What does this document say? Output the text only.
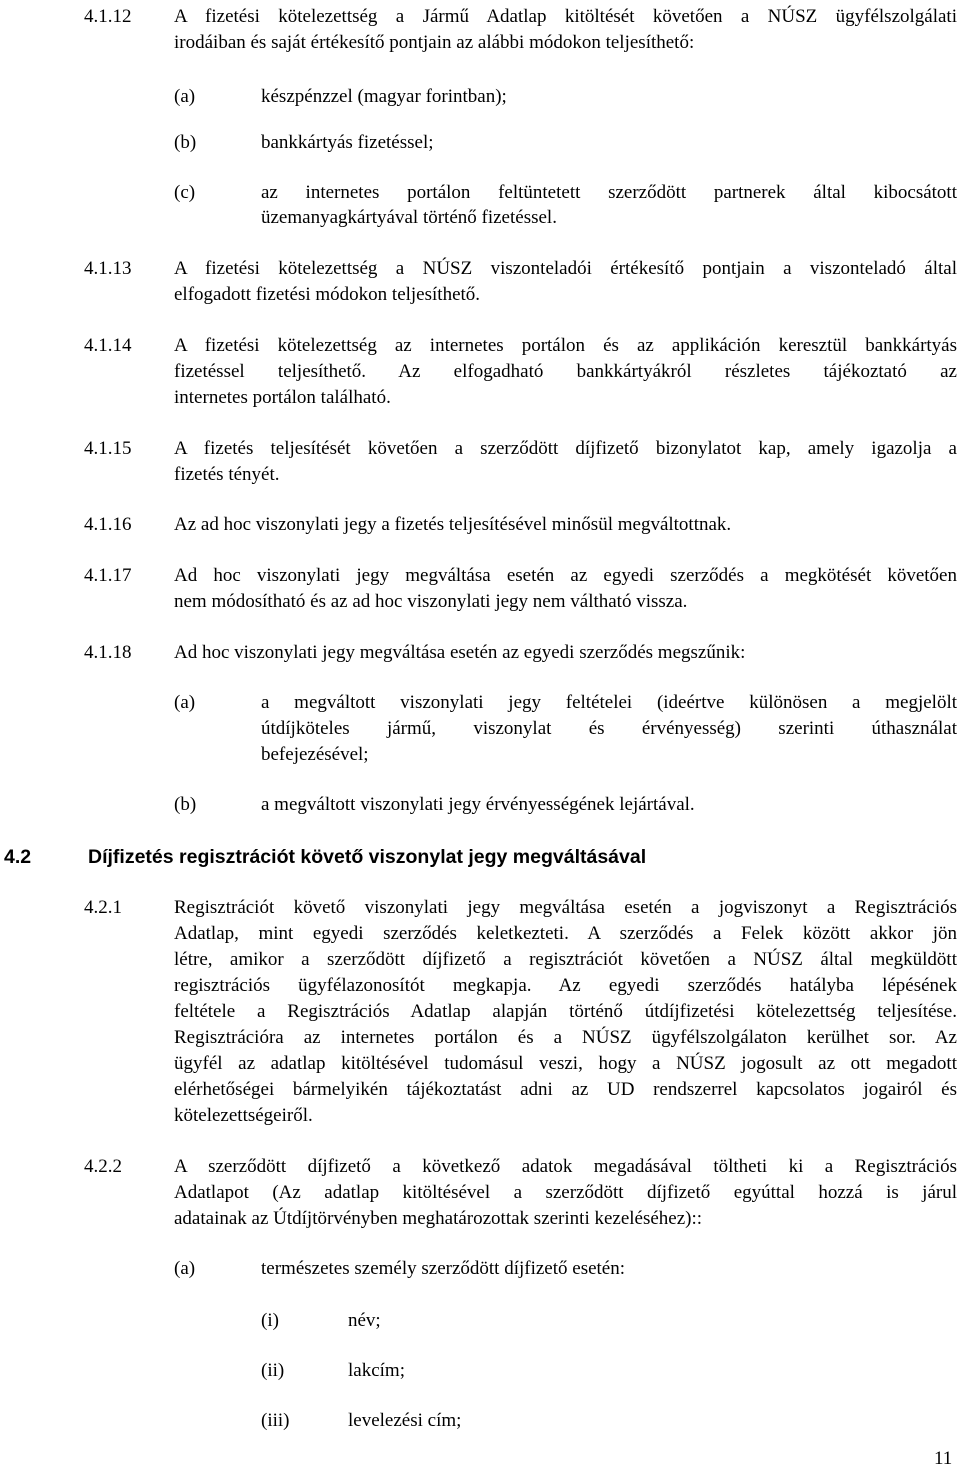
4.1.12 A fizetési kötelezettség a Jármű Adatlap kitöltését követően a NÚSZ ügyfélszolgálati
irodáiban és saját értékesítő pontjain az alábbi módokon teljesíthető:
(a)	készpénzzel (magyar forintban);
(b)	bankkártyás fizetéssel;
(c)	az internetes portálon feltüntetett szerződött partnerek által kibocsátott
üzemanyagkártyával történő fizetéssel.
4.1.13 A fizetési kötelezettség a NÚSZ viszonteladói értékesítő pontjain a viszonteladó által
elfogadott fizetési módokon teljesíthető.
4.1.14 A fizetési kötelezettség az internetes portálon és az applikáción keresztül bankkártyás
fizetéssel teljesíthető. Az elfogadható bankkártyákról részletes tájékoztató az
internetes portálon található.
4.1.15 A fizetés teljesítését követően a szerződött díjfizető bizonylatot kap, amely igazolja a
fizetés tényét.
4.1.16 Az ad hoc viszonylati jegy a fizetés teljesítésével minősül megváltottnak.
4.1.17 Ad hoc viszonylati jegy megváltása esetén az egyedi szerződés a megkötését követően
nem módosítható és az ad hoc viszonylati jegy nem váltható vissza.
4.1.18 Ad hoc viszonylati jegy megváltása esetén az egyedi szerződés megszűnik:
(a)	a megváltott viszonylati jegy feltételei (ideértve különösen a megjelölt
útdíjköteles jármű, viszonylat és érvényesség) szerinti úthasználat
befejezésével;
(b)	a megváltott viszonylati jegy érvényességének lejártával.
4.2	Díjfizetés regisztrációt követő viszonylat jegy megváltásával
4.2.1	Regisztrációt követő viszonylati jegy megváltása esetén a jogviszonyt a Regisztrációs
Adatlap, mint egyedi szerződés keletkezteti. A szerződés a Felek között akkor jön
létre, amikor a szerződött díjfizető a regisztrációt követően a NÚSZ által megküldött
regisztrációs ügyfélazonosítót megkapja. Az egyedi szerződés hatályba lépésének
feltétele a Regisztrációs Adatlap alapján történő útdíjfizetési kötelezettség teljesítése.
Regisztrációra az internetes portálon és a NÚSZ ügyfélszolgálaton kerülhet sor. Az
ügyfél az adatlap kitöltésével tudomásul veszi, hogy a NÚSZ jogosult az ott megadott
elérhetőségei bármelyikén tájékoztatást adni az UD rendszerrel kapcsolatos jogairól és
kötelezettségeiről.
4.2.2	A szerződött díjfizető a következő adatok megadásával töltheti ki a Regisztrációs
Adatlapot (Az adatlap kitöltésével a szerződött díjfizető egyúttal hozzá is járul
adatainak az Útdíjtörvényben meghatározottak szerinti kezeléséhez)::
(a)	természetes személy szerződött díjfizető esetén:
(i)	név;
(ii)	lakcím;
(iii)	levelezési cím;
11
